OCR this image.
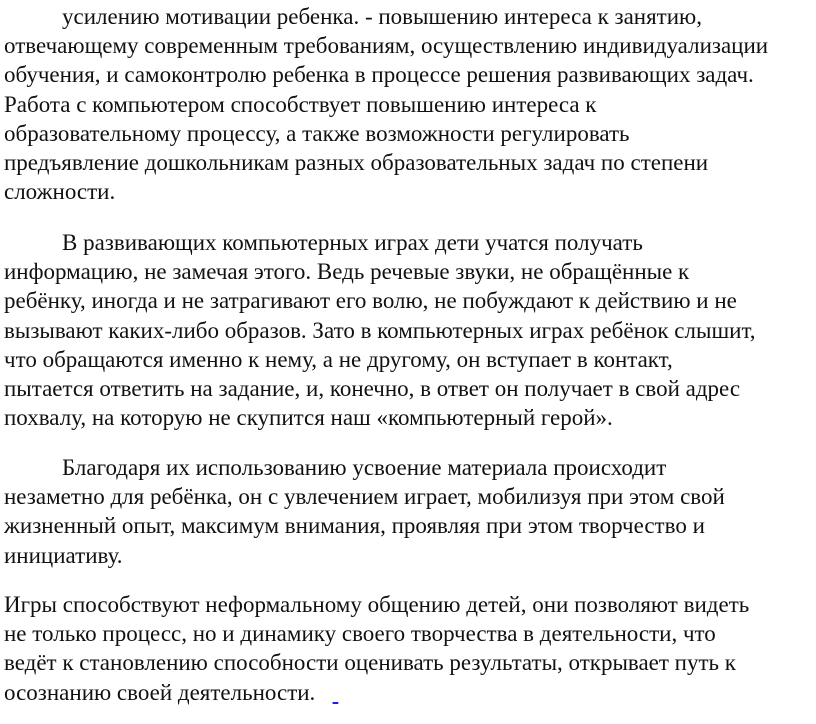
усилению мотивации ребенка. - повышению интереса к занятию,
отвечающему современным требованиям, осуществлению индивидуализации
обучения, и самоконтролю ребенка в процессе решения развивающих задач.
Работа с компьютером способствует повышению интереса к
образовательному процессу, а также возможности регулировать
предъявление дошкольникам разных образовательных задач по степени
сложности.
В развивающих компьютерных играх дети учатся получать
информацию, не замечая этого. Ведь речевые звуки, не обращённые к
ребёнку, иногда и не затрагивают его волю, не побуждают к действию и не
вызывают каких-либо образов. Зато в компьютерных играх ребёнок слышит,
что обращаются именно к нему, а не другому, он вступает в контакт,
пытается ответить на задание, и, конечно, в ответ он получает в свой адрес
похвалу, на которую не скупится наш «компьютерный герой».
Благодаря их использованию усвоение материала происходит
незаметно для ребёнка, он с увлечением играет, мобилизуя при этом свой
жизненный опыт, максимум внимания, проявляя при этом творчество и
инициативу.
Игры способствуют неформальному общению детей, они позволяют видеть
не только процесс, но и динамику своего творчества в деятельности, что
ведёт к становлению способности оценивать результаты, открывает путь к
осознанию своей деятельности.
